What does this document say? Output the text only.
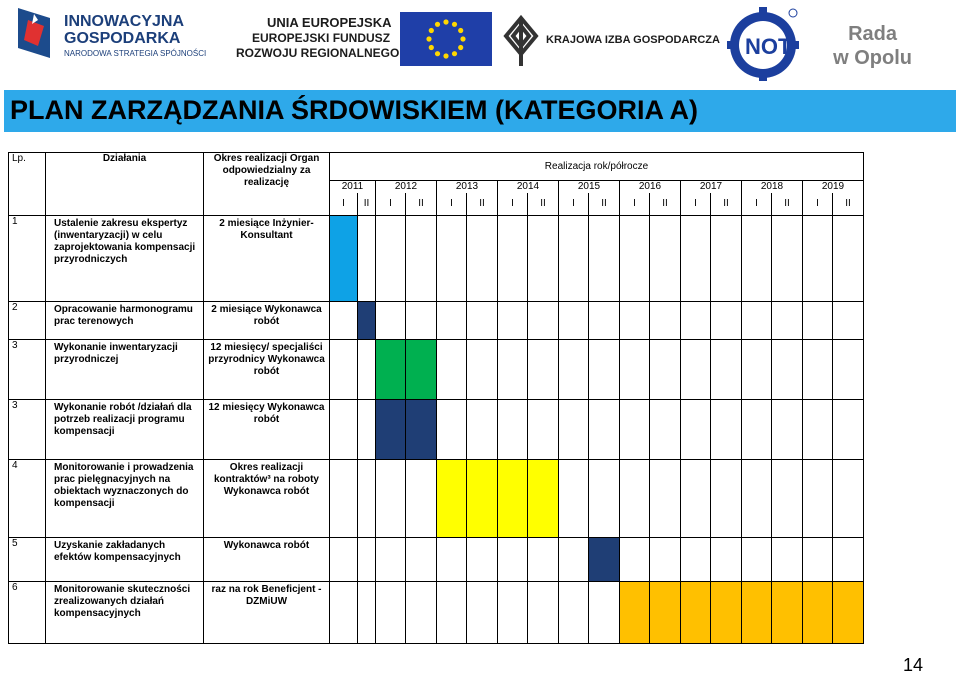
INNOWACYJNA
GOSPODARKA
NARODOWA STRATEGIA SPÓJNOŚCI
UNIA EUROPEJSKA
EUROPEJSKI FUNDUSZ
ROZWOJU REGIONALNEGO
KRAJOWA IZBA GOSPODARCZA NOT	Rada
w Opolu
PLAN ZARZĄDZANIA ŚRDOWISKIEM (KATEGORIA A)
Lp.	Działania	Okres realizacji Organ odpowiedzialny za realizację	Realizacja rok/półrocze																	
			2011		2012		2013		2014		2015		2016		2017		2018		2019	
			I	II	I	II	I	II	I	II	I	II	I	II	I	II	I	II	I	II
1	Ustalenie zakresu ekspertyz (inwentaryzacji) w celu zaprojektowania kompensacji przyrodniczych	2 miesiące Inżynier-Konsultant																		
2	Opracowanie harmonogramu prac terenowych	2 miesiące Wykonawca robót																		
3	Wykonanie inwentaryzacji przyrodniczej	12 miesięcy/ specjaliści przyrodnicy Wykonawca robót																		
3	Wykonanie robót /działań dla potrzeb realizacji programu kompensacji	12 miesięcy Wykonawca robót																		
4	Monitorowanie i prowadzenia prac pielęgnacyjnych na obiektach wyznaczonych do kompensacji	Okres realizacji kontraktów³ na roboty Wykonawca robót																		
5	Uzyskanie zakładanych efektów kompensacyjnych	Wykonawca robót																		
6	Monitorowanie skuteczności zrealizowanych działań kompensacyjnych	raz na rok Beneficjent - DZMiUW																		
14
